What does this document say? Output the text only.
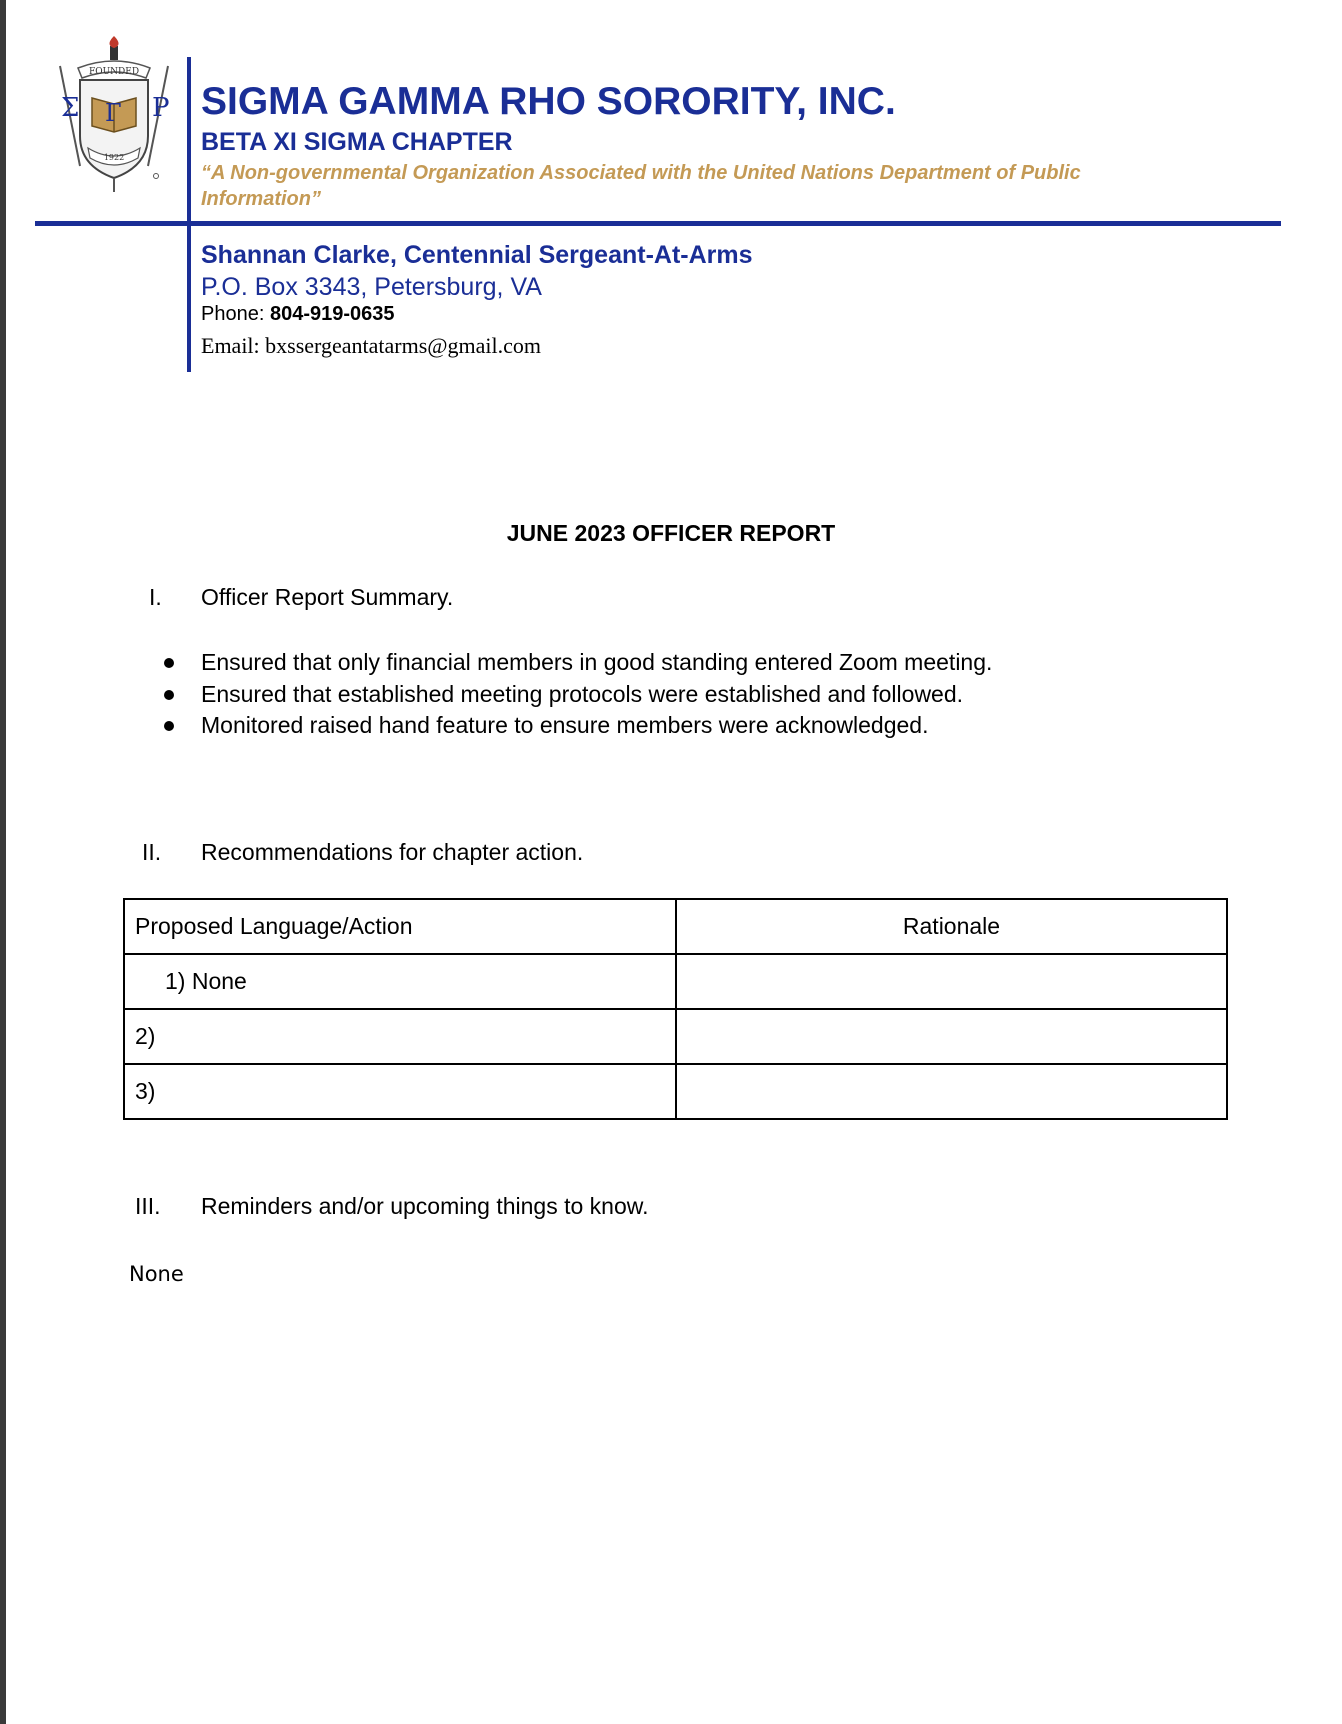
FOUNDED
Σ Γ Ρ
1922
SIGMA GAMMA RHO SORORITY, INC.
BETA XI SIGMA CHAPTER
“A Non-governmental Organization Associated with the United Nations Department of Public Information”
Shannan Clarke, Centennial Sergeant-At-Arms
P.O. Box 3343, Petersburg, VA
Phone: 804-919-0635
Email: bxssergeantatarms@gmail.com
JUNE 2023 OFFICER REPORT
I. Officer Report Summary.
Ensured that only financial members in good standing entered Zoom meeting.
Ensured that established meeting protocols were established and followed.
Monitored raised hand feature to ensure members were acknowledged.
II. Recommendations for chapter action.
Proposed Language/Action	Rationale
1) None	
2)	
3)	
III. Reminders and/or upcoming things to know.
None
